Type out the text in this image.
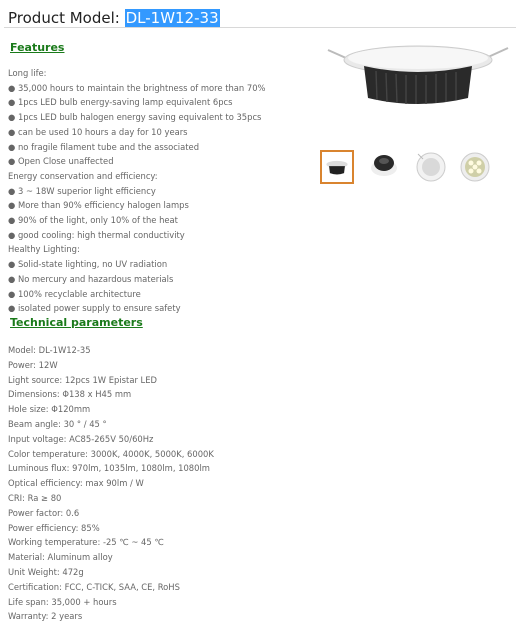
Product Model: DL-1W12-33
Features
Long life:
● 35,000 hours to maintain the brightness of more than 70%
● 1pcs LED bulb energy-saving lamp equivalent 6pcs
● 1pcs LED bulb halogen energy saving equivalent to 35pcs
● can be used 10 hours a day for 10 years
● no fragile filament tube and the associated
● Open Close unaffected
Energy conservation and efficiency:
● 3 ~ 18W superior light efficiency
● More than 90% efficiency halogen lamps
● 90% of the light, only 10% of the heat
● good cooling: high thermal conductivity
Healthy Lighting:
● Solid-state lighting, no UV radiation
● No mercury and hazardous materials
● 100% recyclable architecture
● isolated power supply to ensure safety
Technical parameters
Model: DL-1W12-35
Power: 12W
Light source: 12pcs 1W Epistar LED
Dimensions: Φ138 x H45 mm
Hole size: Φ120mm
Beam angle: 30 ° / 45 °
Input voltage: AC85-265V 50/60Hz
Color temperature: 3000K, 4000K, 5000K, 6000K
Luminous flux: 970lm, 1035lm, 1080lm, 1080lm
Optical efficiency: max 90lm / W
CRI: Ra ≥ 80
Power factor: 0.6
Power efficiency: 85%
Working temperature: -25 ℃ ~ 45 ℃
Material: Aluminum alloy
Unit Weight: 472g
Certification: FCC, C-TICK, SAA, CE, RoHS
Life span: 35,000 + hours
Warranty: 2 years
